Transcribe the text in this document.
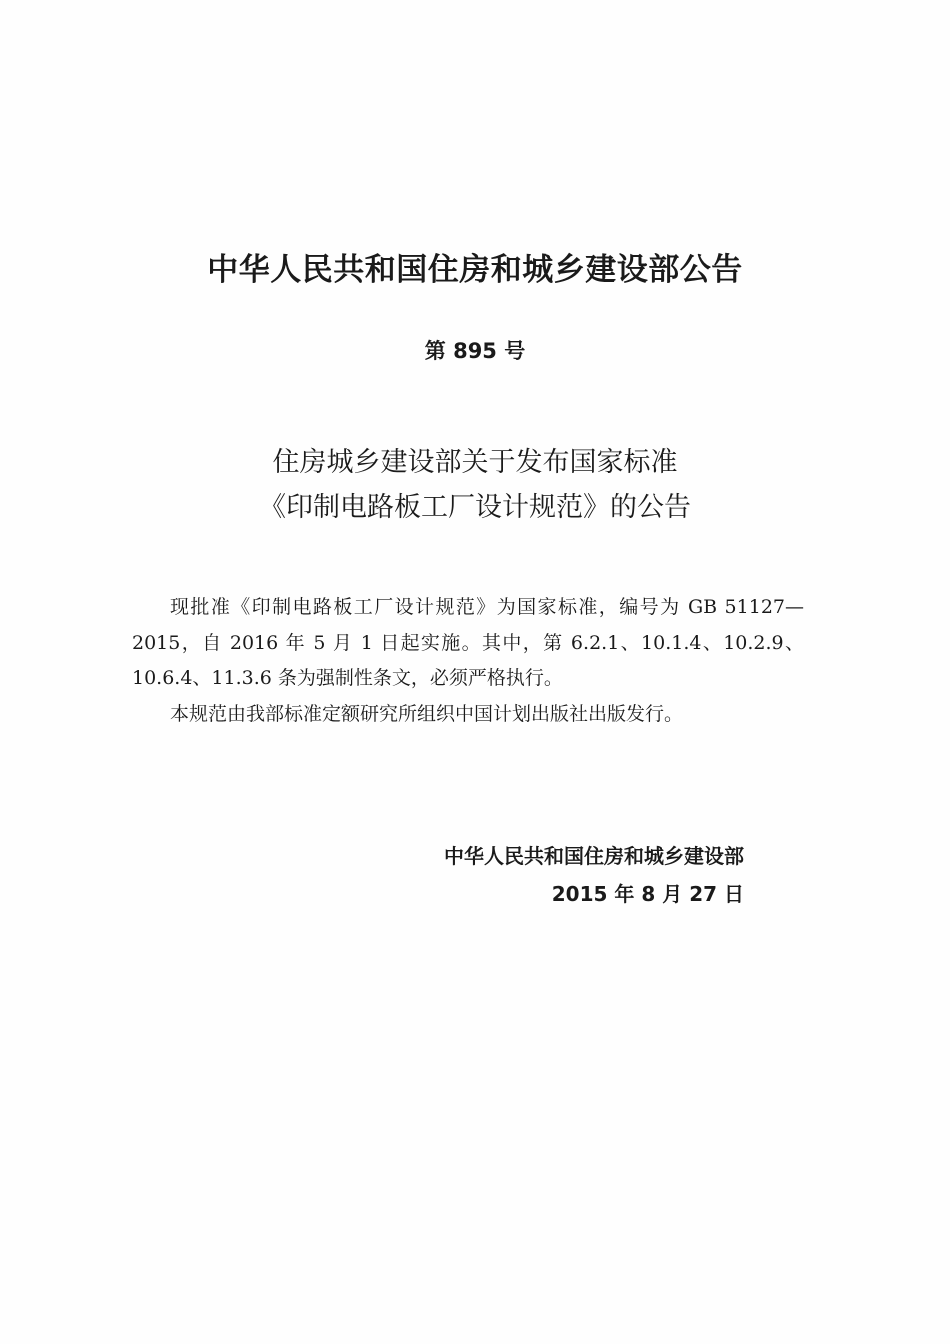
中华人民共和国住房和城乡建设部公告
第 895 号
住房城乡建设部关于发布国家标准
《印制电路板工厂设计规范》的公告

现批准《印制电路板工厂设计规范》为国家标准，编号为 GB 51127—2015，自 2016 年 5 月 1 日起实施。其中，第 6.2.1、10.1.4、10.2.9、10.6.4、11.3.6 条为强制性条文，必须严格执行。

本规范由我部标准定额研究所组织中国计划出版社出版发行。

中华人民共和国住房和城乡建设部
2015 年 8 月 27 日
